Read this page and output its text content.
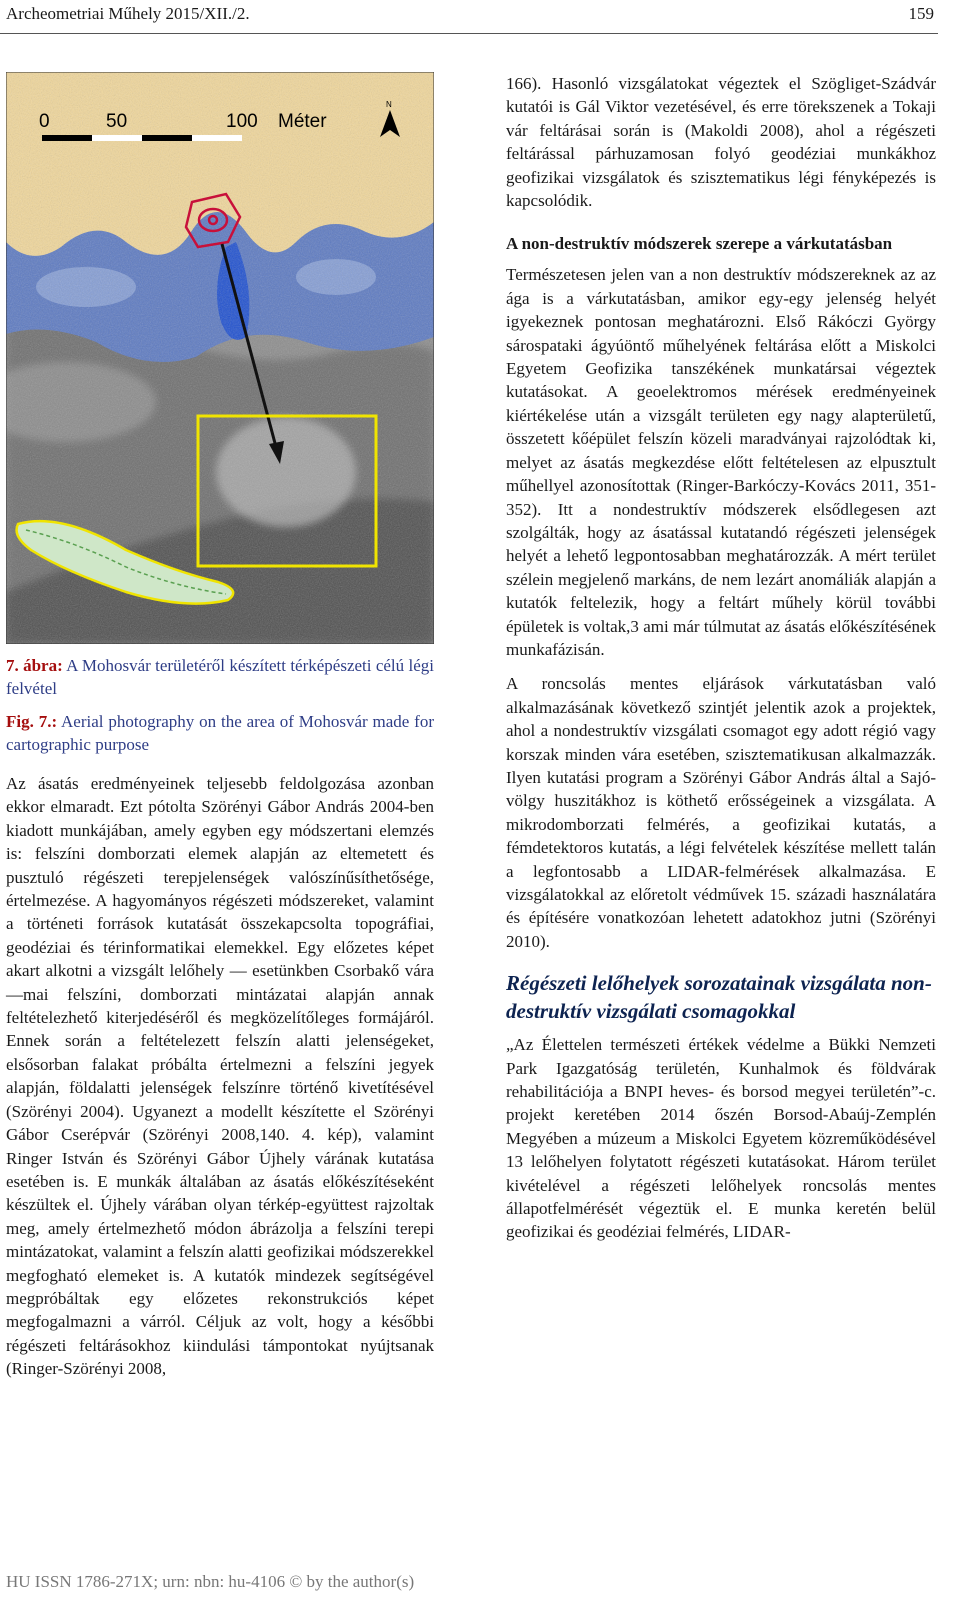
Archeometriai Műhely 2015/XII./2.	159
0	50	100 Méter
N

7. ábra: A Mohosvár területéről készített térképészeti célú légi felvétel

Fig. 7.: Aerial photography on the area of Mohosvár made for cartographic purpose

Az ásatás eredményeinek teljesebb feldolgozása azonban ekkor elmaradt. Ezt pótolta Szörényi Gábor András 2004-ben kiadott munkájában, amely egyben egy módszertani elemzés is: felszíni domborzati elemek alapján az eltemetett és pusztuló régészeti terepjelenségek valószínűsíthetősége, értelmezése. A hagyományos régészeti módszereket, valamint a történeti források kutatását összekapcsolta topográfiai, geodéziai és térinformatikai elemekkel. Egy előzetes képet akart alkotni a vizsgált lelőhely — esetünkben Csorbakő vára —mai felszíni, domborzati mintázatai alapján annak feltételezhető kiterjedéséről és megközelítőleges formájáról. Ennek során a feltételezett felszín alatti jelenségeket, elsősorban falakat próbálta értelmezni a felszíni jegyek alapján, földalatti jelenségek felszínre történő kivetítésével (Szörényi 2004). Ugyanezt a modellt készítette el Szörényi Gábor Cserépvár (Szörényi 2008,140. 4. kép), valamint Ringer István és Szörényi Gábor Újhely várának kutatása esetében is. E munkák általában az ásatás előkészítéseként készültek el. Újhely várában olyan térkép-együttest rajzoltak meg, amely értelmezhető módon ábrázolja a felszíni terepi mintázatokat, valamint a felszín alatti geofizikai módszerekkel megfogható elemeket is. A kutatók mindezek segítségével megpróbáltak egy előzetes rekonstrukciós képet megfogalmazni a várról. Céljuk az volt, hogy a későbbi régészeti feltárásokhoz kiindulási támpontokat nyújtsanak (Ringer-Szörényi 2008,

166). Hasonló vizsgálatokat végeztek el Szögliget-Szádvár kutatói is Gál Viktor vezetésével, és erre törekszenek a Tokaji vár feltárásai során is (Makoldi 2008), ahol a régészeti feltárással párhuzamosan folyó geodéziai munkákhoz geofizikai vizsgálatok és szisztematikus légi fényképezés is kapcsolódik.

A non-destruktív módszerek szerepe a várkutatásban

Természetesen jelen van a non destruktív módszereknek az az ága is a várkutatásban, amikor egy-egy jelenség helyét igyekeznek pontosan meghatározni. Első Rákóczi György sárospataki ágyúöntő műhelyének feltárása előtt a Miskolci Egyetem Geofizika tanszékének munkatársai végeztek kutatásokat. A geoelektromos mérések eredményeinek kiértékelése után a vizsgált területen egy nagy alapterületű, összetett kőépület felszín közeli maradványai rajzolódtak ki, melyet az ásatás megkezdése előtt feltételesen az elpusztult műhellyel azonosítottak (Ringer-Barkóczy-Kovács 2011, 351-352). Itt a nondestruktív módszerek elsődlegesen azt szolgálták, hogy az ásatással kutatandó régészeti jelenségek helyét a lehető legpontosabban meghatározzák. A mért terület szélein megjelenő markáns, de nem lezárt anomáliák alapján a kutatók feltelezik, hogy a feltárt műhely körül további épületek is voltak,3 ami már túlmutat az ásatás előkészítésének munkafázisán.

A roncsolás mentes eljárások várkutatásban való alkalmazásának következő szintjét jelentik azok a projektek, ahol a nondestruktív vizsgálati csomagot egy adott régió vagy korszak minden vára esetében, szisztematikusan alkalmazzák. Ilyen kutatási program a Szörényi Gábor András által a Sajó-völgy huszitákhoz is köthető erősségeinek a vizsgálata. A mikrodomborzati felmérés, a geofizikai kutatás, a fémdetektoros kutatás, a légi felvételek készítése mellett talán a legfontosabb a LIDAR-felmérések alkalmazása. E vizsgálatokkal az előretolt védművek 15. századi használatára és építésére vonatkozóan lehetett adatokhoz jutni (Szörényi 2010).

Régészeti lelőhelyek sorozatainak vizsgálata non-destruktív vizsgálati csomagokkal

„Az Élettelen természeti értékek védelme a Bükki Nemzeti Park Igazgatóság területén, Kunhalmok és földvárak rehabilitációja a BNPI heves- és borsod megyei területén”-c. projekt keretében 2014 őszén Borsod-Abaúj-Zemplén Megyében a múzeum a Miskolci Egyetem közreműködésével 13 lelőhelyen folytatott régészeti kutatásokat. Három terület kivételével a régészeti lelőhelyek roncsolás mentes állapotfelmérését végeztük el. E munka keretén belül geofizikai és geodéziai felmérés, LIDAR-

HU ISSN 1786-271X; urn: nbn: hu-4106 © by the author(s)
